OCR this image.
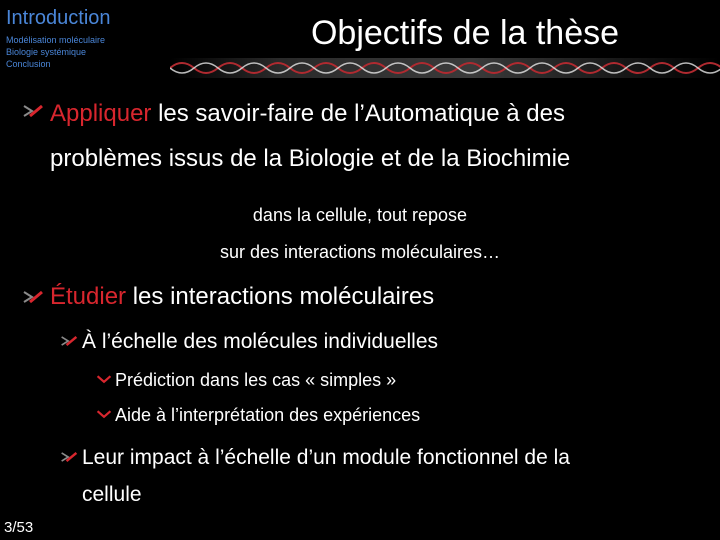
Introduction
Modélisation moléculaire
Biologie systémique
Conclusion
Objectifs de la thèse
Appliquer les savoir-faire de l’Automatique à des
problèmes issus de la Biologie et de la Biochimie
dans la cellule, tout repose
sur des interactions moléculaires…
Étudier les interactions moléculaires
À l’échelle des molécules individuelles
Prédiction dans les cas « simples »
Aide à l’interprétation des expériences
Leur impact à l’échelle d’un module fonctionnel de la
cellule
3/53
